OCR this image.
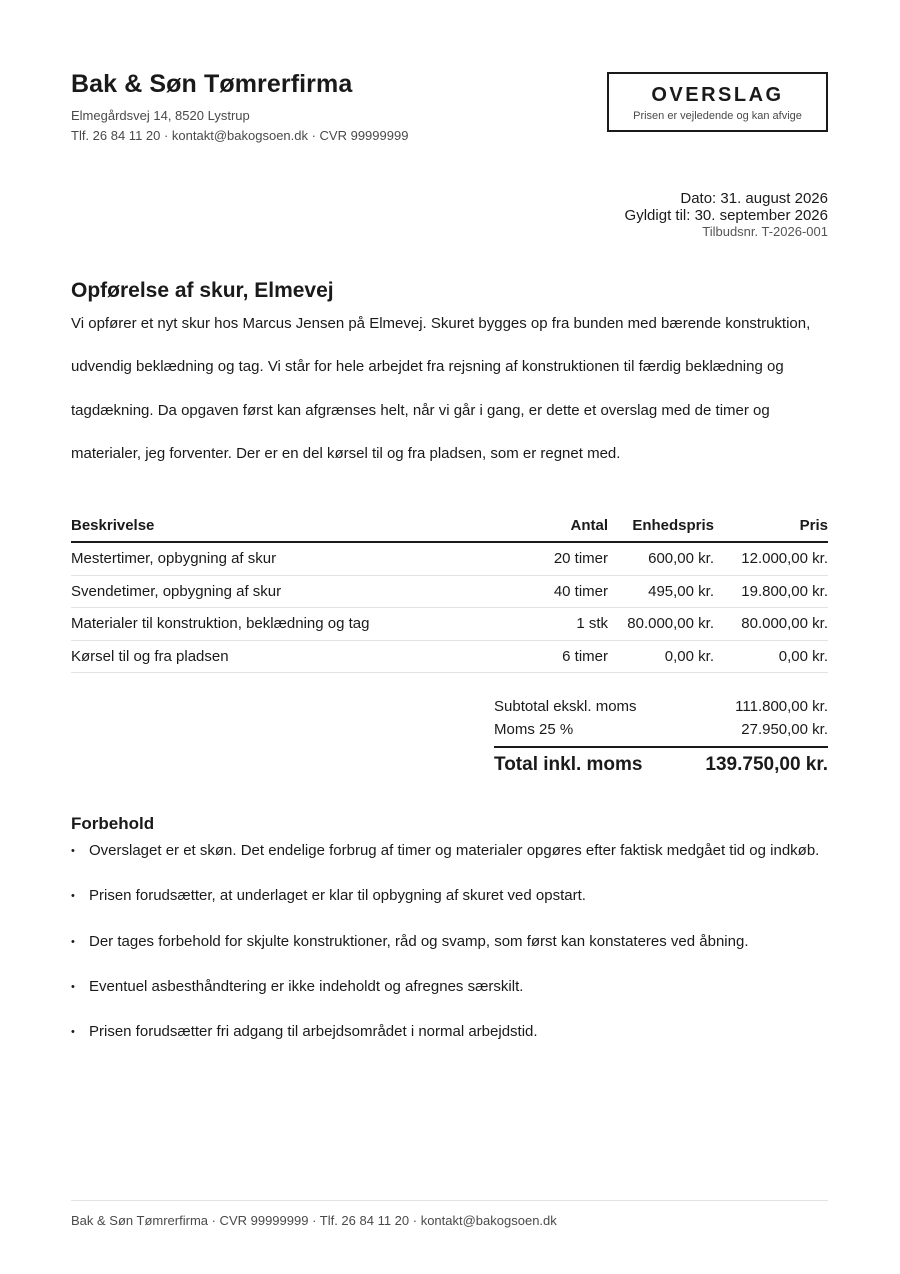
Bak & Søn Tømrerfirma
Elmegårdsvej 14, 8520 Lystrup
Tlf. 26 84 11 20 · kontakt@bakogsoen.dk · CVR 99999999
OVERSLAG
Prisen er vejledende og kan afvige
Dato: 31. august 2026
Gyldigt til: 30. september 2026
Tilbudsnr. T-2026-001
Opførelse af skur, Elmevej
Vi opfører et nyt skur hos Marcus Jensen på Elmevej. Skuret bygges op fra bunden med bærende konstruktion, udvendig beklædning og tag. Vi står for hele arbejdet fra rejsning af konstruktionen til færdig beklædning og tagdækning. Da opgaven først kan afgrænses helt, når vi går i gang, er dette et overslag med de timer og materialer, jeg forventer. Der er en del kørsel til og fra pladsen, som er regnet med.
Beskrivelse	Antal	Enhedspris	Pris
Mestertimer, opbygning af skur	20 timer	600,00 kr.	12.000,00 kr.
Svendetimer, opbygning af skur	40 timer	495,00 kr.	19.800,00 kr.
Materialer til konstruktion, beklædning og tag	1 stk	80.000,00 kr.	80.000,00 kr.
Kørsel til og fra pladsen	6 timer	0,00 kr.	0,00 kr.
Subtotal ekskl. moms	111.800,00 kr.
Moms 25 %	27.950,00 kr.
Total inkl. moms	139.750,00 kr.
Forbehold
• Overslaget er et skøn. Det endelige forbrug af timer og materialer opgøres efter faktisk medgået tid og indkøb.
• Prisen forudsætter, at underlaget er klar til opbygning af skuret ved opstart.
• Der tages forbehold for skjulte konstruktioner, råd og svamp, som først kan konstateres ved åbning.
• Eventuel asbesthåndtering er ikke indeholdt og afregnes særskilt.
• Prisen forudsætter fri adgang til arbejdsområdet i normal arbejdstid.
Bak & Søn Tømrerfirma · CVR 99999999 · Tlf. 26 84 11 20 · kontakt@bakogsoen.dk
